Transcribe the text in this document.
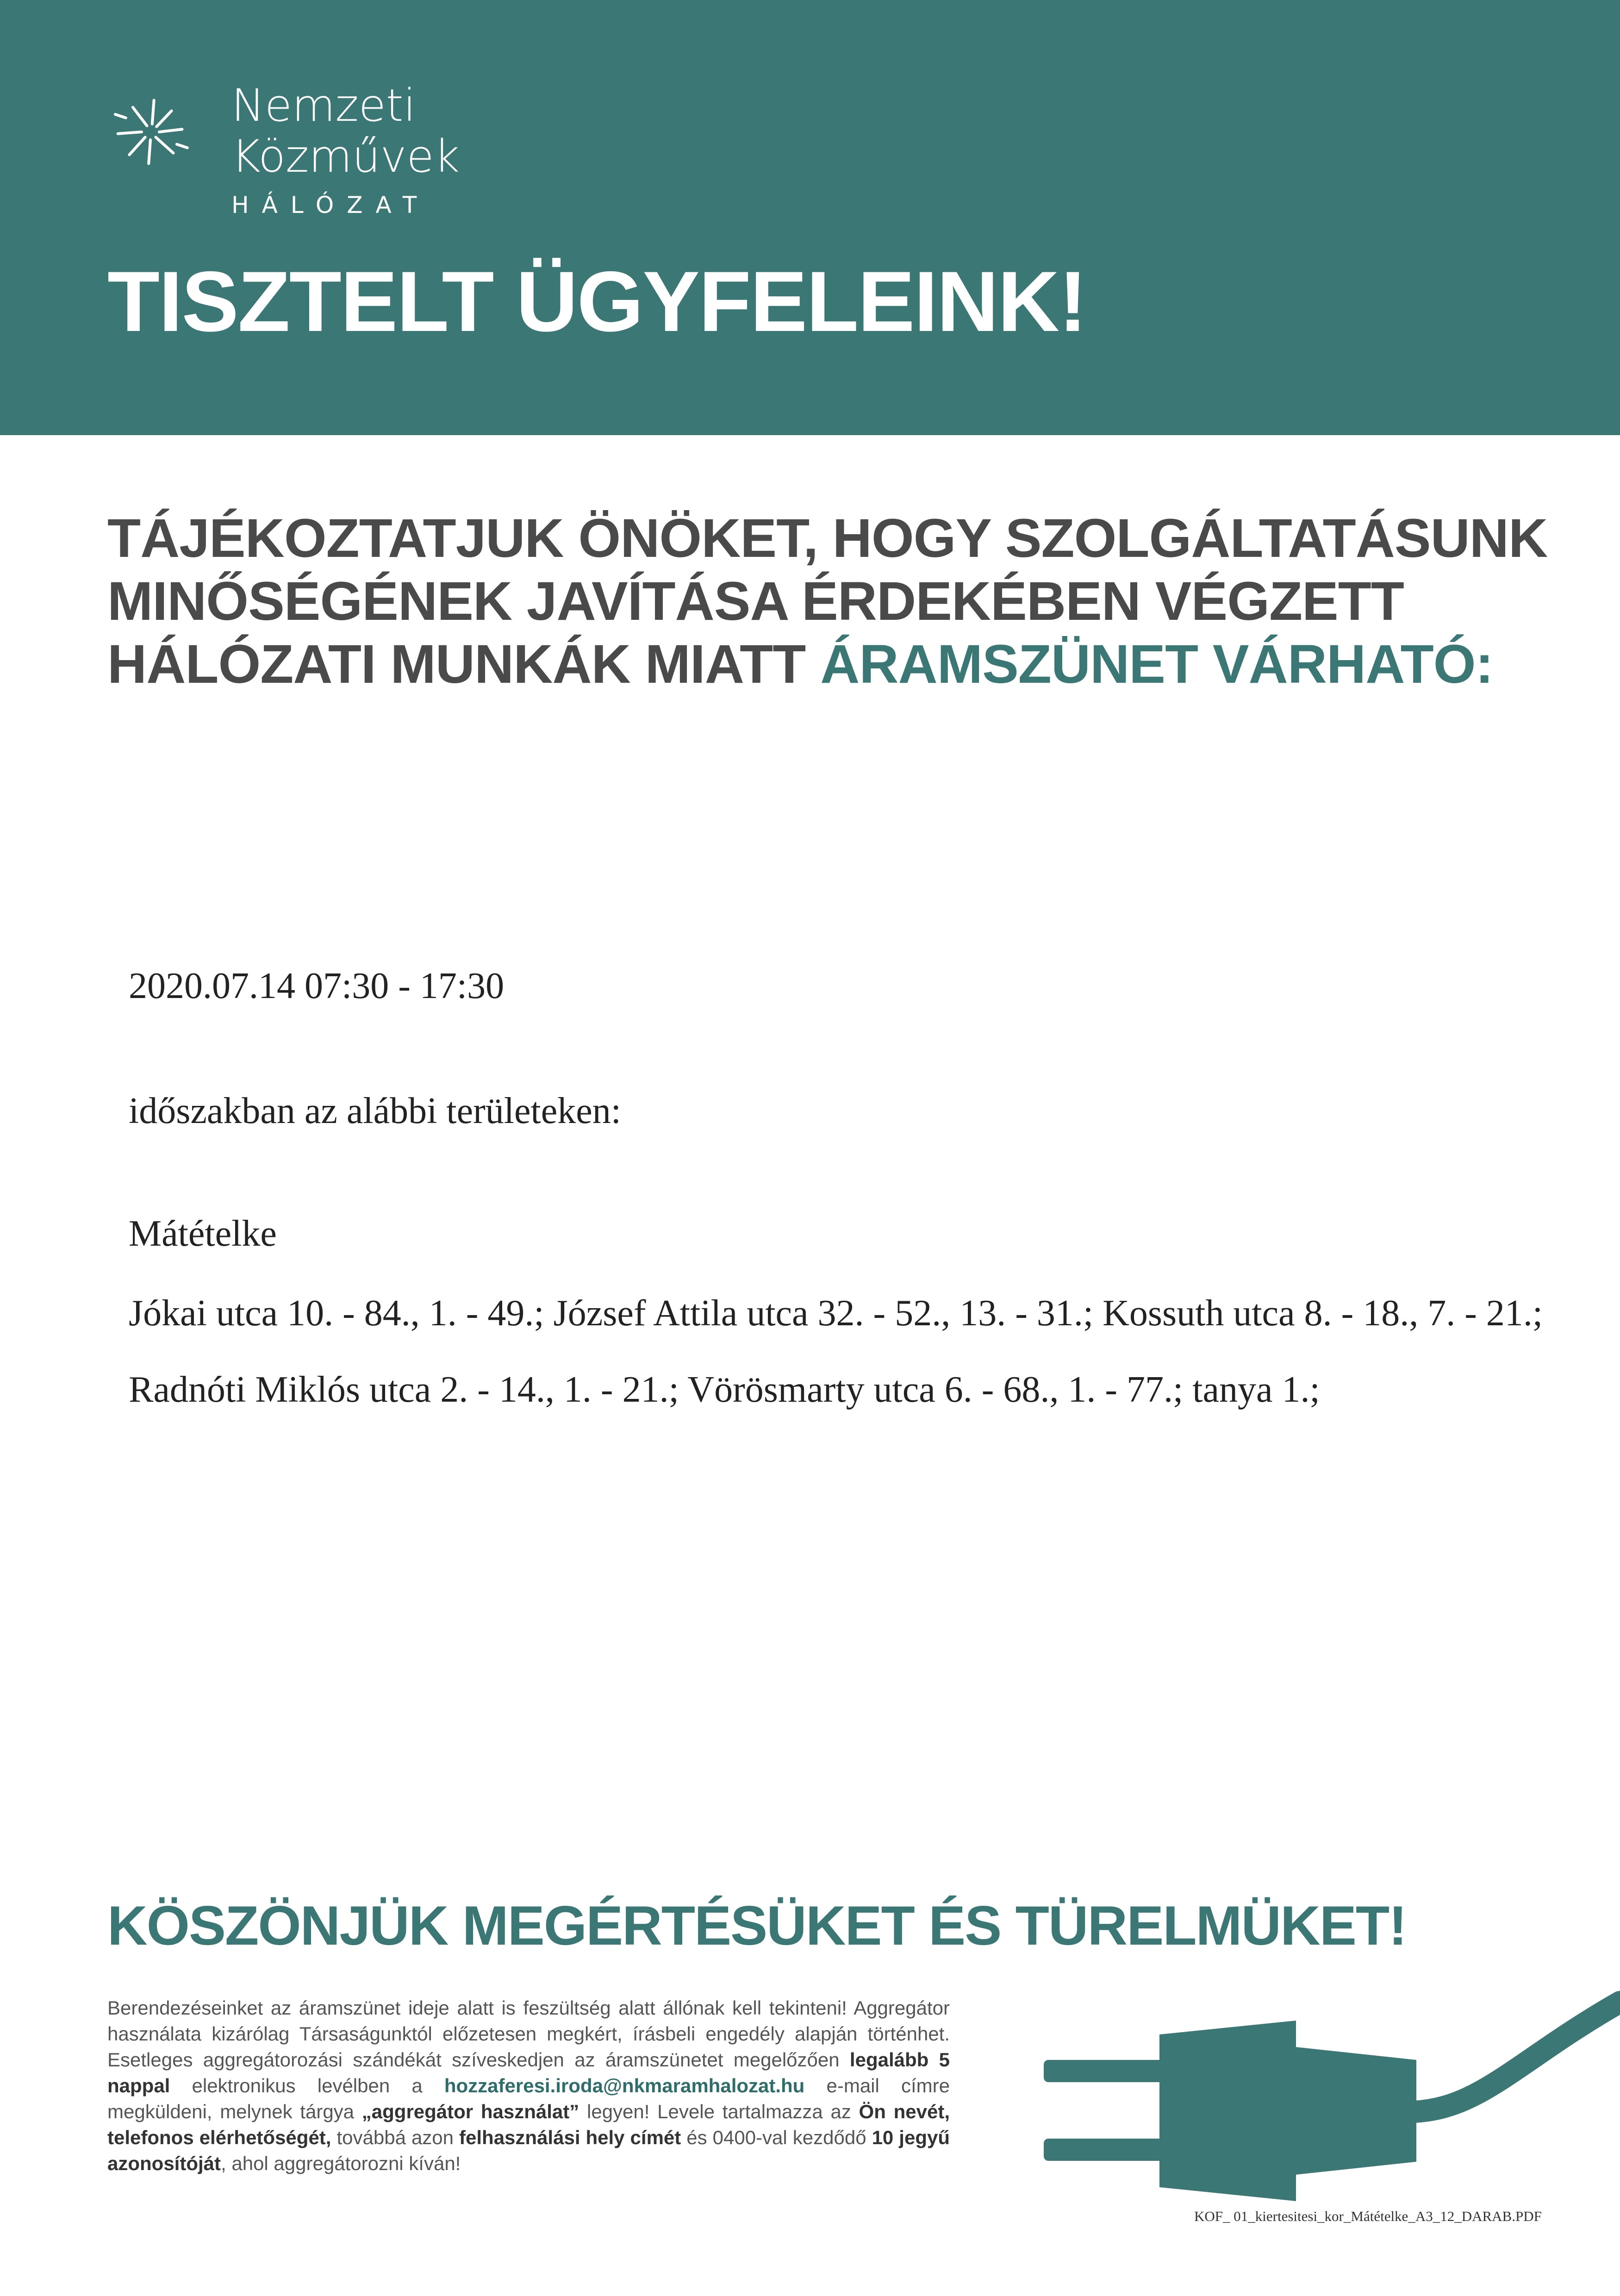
Nemzeti
Közművek
HÁLÓZAT
TISZTELT ÜGYFELEINK!
TÁJÉKOZTATJUK ÖNÖKET, HOGY SZOLGÁLTATÁSUNK
MINŐSÉGÉNEK JAVÍTÁSA ÉRDEKÉBEN VÉGZETT
HÁLÓZATI MUNKÁK MIATT ÁRAMSZÜNET VÁRHATÓ:
2020.07.14 07:30 - 17:30
időszakban az alábbi területeken:
Mátételke
Jókai utca 10. - 84., 1. - 49.; József Attila utca 32. - 52., 13. - 31.; Kossuth utca 8. - 18., 7. - 21.; Radnóti Miklós utca 2. - 14., 1. - 21.; Vörösmarty utca 6. - 68., 1. - 77.; tanya 1.;
KÖSZÖNJÜK MEGÉRTÉSÜKET ÉS TÜRELMÜKET!
Berendezéseinket az áramszünet ideje alatt is feszültség alatt állónak kell tekinteni! Aggregátor használata kizárólag Társaságunktól előzetesen megkért, írásbeli engedély alapján történhet. Esetleges aggregátorozási szándékát szíveskedjen az áramszünetet megelőzően legalább 5 nappal elektronikus levélben a hozzaferesi.iroda@nkmaramhalozat.hu e-mail címre megküldeni, melynek tárgya „aggregátor használat” legyen! Levele tartalmazza az Ön nevét, telefonos elérhetőségét, továbbá azon felhasználási hely címét és 0400-val kezdődő 10 jegyű azonosítóját, ahol aggregátorozni kíván!
KOF_ 01_kiertesitesi_kor_Mátételke_A3_12_DARAB.PDF
